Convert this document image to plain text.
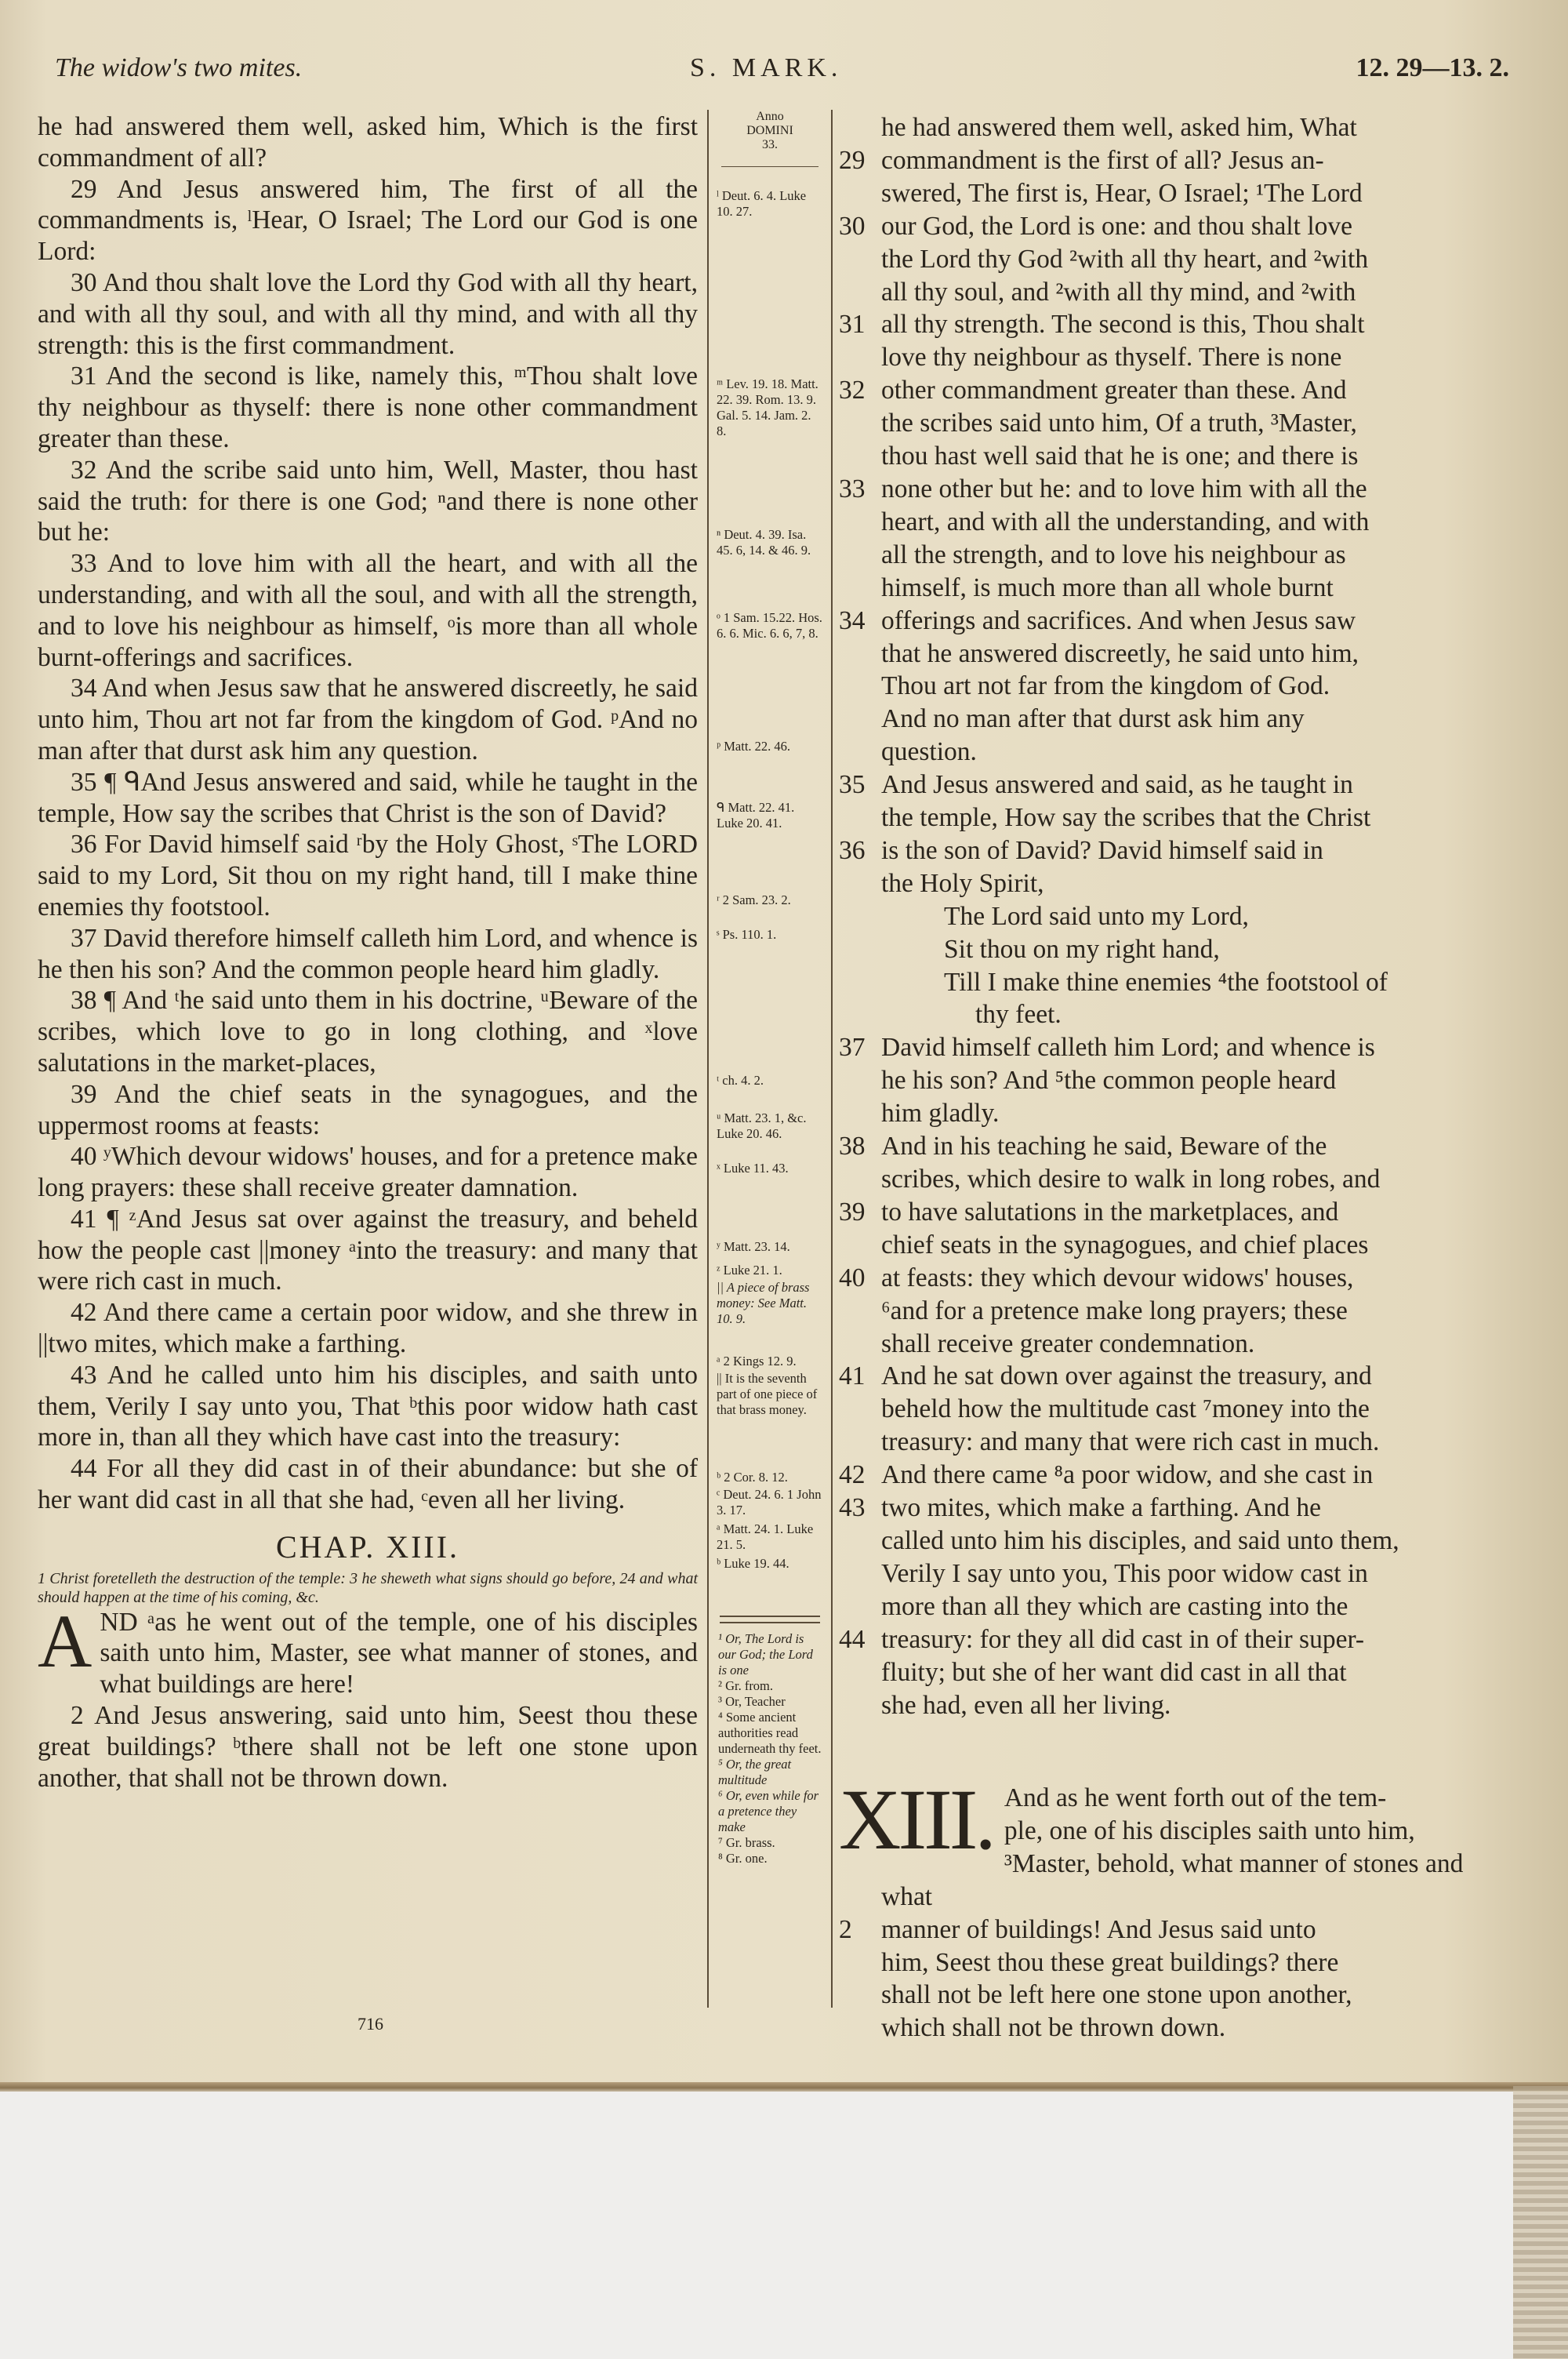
The widow's two mites.	S. MARK.	12. 29—13. 2.

he had answered them well, asked him, Which is the first commandment of all?

29 And Jesus answered him, The first of all the commandments is, ˡHear, O Israel; The Lord our God is one Lord:

30 And thou shalt love the Lord thy God with all thy heart, and with all thy soul, and with all thy mind, and with all thy strength: this is the first commandment.

31 And the second is like, namely this, ᵐThou shalt love thy neighbour as thyself: there is none other commandment greater than these.

32 And the scribe said unto him, Well, Master, thou hast said the truth: for there is one God; ⁿand there is none other but he:

33 And to love him with all the heart, and with all the understanding, and with all the soul, and with all the strength, and to love his neighbour as himself, ᵒis more than all whole burnt-offerings and sacrifices.

34 And when Jesus saw that he answered discreetly, he said unto him, Thou art not far from the kingdom of God. ᵖAnd no man after that durst ask him any question.

35 ¶ ᑫAnd Jesus answered and said, while he taught in the temple, How say the scribes that Christ is the son of David?

36 For David himself said ʳby the Holy Ghost, ˢThe LORD said to my Lord, Sit thou on my right hand, till I make thine enemies thy footstool.

37 David therefore himself calleth him Lord, and whence is he then his son? And the common people heard him gladly.

38 ¶ And ᵗhe said unto them in his doctrine, ᵘBeware of the scribes, which love to go in long clothing, and ˣlove salutations in the market-places,

39 And the chief seats in the synagogues, and the uppermost rooms at feasts:

40 ʸWhich devour widows' houses, and for a pretence make long prayers: these shall receive greater damnation.

41 ¶ ᶻAnd Jesus sat over against the treasury, and beheld how the people cast ||money ᵃinto the treasury: and many that were rich cast in much.

42 And there came a certain poor widow, and she threw in ||two mites, which make a farthing.

43 And he called unto him his disciples, and saith unto them, Verily I say unto you, That ᵇthis poor widow hath cast more in, than all they which have cast into the treasury:

44 For all they did cast in of their abundance: but she of her want did cast in all that she had, ᶜeven all her living.

CHAP. XIII.

1 Christ foretelleth the destruction of the temple: 3 he sheweth what signs should go before, 24 and what should happen at the time of his coming, &c.

AND ᵃas he went out of the temple, one of his disciples saith unto him, Master, see what manner of stones, and what buildings are here!

2 And Jesus answering, said unto him, Seest thou these great buildings? ᵇthere shall not be left one stone upon another, that shall not be thrown down.

716
Anno
DOMINI
33.
ˡ Deut. 6. 4. Luke 10. 27.
ᵐ Lev. 19. 18. Matt. 22. 39. Rom. 13. 9. Gal. 5. 14. Jam. 2. 8.
ⁿ Deut. 4. 39. Isa. 45. 6, 14. & 46. 9.
ᵒ 1 Sam. 15.22. Hos. 6. 6. Mic. 6. 6, 7, 8.
ᵖ Matt. 22. 46.
ᑫ Matt. 22. 41. Luke 20. 41.
ʳ 2 Sam. 23. 2.
ˢ Ps. 110. 1.
ᵗ ch. 4. 2.
ᵘ Matt. 23. 1, &c. Luke 20. 46.
ˣ Luke 11. 43.
ʸ Matt. 23. 14.
ᶻ Luke 21. 1.
|| A piece of brass money: See Matt. 10. 9.
ᵃ 2 Kings 12. 9.
|| It is the seventh part of one piece of that brass money.
ᵇ 2 Cor. 8. 12.
ᶜ Deut. 24. 6. 1 John 3. 17.
ᵃ Matt. 24. 1. Luke 21. 5.
ᵇ Luke 19. 44.
¹ Or, The Lord is our God; the Lord is one
² Gr. from.
³ Or, Teacher
⁴ Some ancient authorities read underneath thy feet.
⁵ Or, the great multitude
⁶ Or, even while for a pretence they make
⁷ Gr. brass.
⁸ Gr. one.
he had answered them well, asked him, What
29 commandment is the first of all? Jesus an-
swered, The first is, Hear, O Israel; ¹The Lord
30 our God, the Lord is one: and thou shalt love
the Lord thy God ²with all thy heart, and ²with
all thy soul, and ²with all thy mind, and ²with
31 all thy strength. The second is this, Thou shalt
love thy neighbour as thyself. There is none
32 other commandment greater than these. And
the scribes said unto him, Of a truth, ³Master,
thou hast well said that he is one; and there is
33 none other but he: and to love him with all the
heart, and with all the understanding, and with
all the strength, and to love his neighbour as
himself, is much more than all whole burnt
34 offerings and sacrifices. And when Jesus saw
that he answered discreetly, he said unto him,
Thou art not far from the kingdom of God.
And no man after that durst ask him any
question.
35 And Jesus answered and said, as he taught in
the temple, How say the scribes that the Christ
36 is the son of David? David himself said in
the Holy Spirit,
The Lord said unto my Lord,
Sit thou on my right hand,
Till I make thine enemies ⁴the footstool of
thy feet.
37 David himself calleth him Lord; and whence is
he his son? And ⁵the common people heard
him gladly.
38 And in his teaching he said, Beware of the
scribes, which desire to walk in long robes, and
39 to have salutations in the marketplaces, and
chief seats in the synagogues, and chief places
40 at feasts: they which devour widows' houses,
⁶and for a pretence make long prayers; these
shall receive greater condemnation.
41 And he sat down over against the treasury, and
beheld how the multitude cast ⁷money into the
treasury: and many that were rich cast in much.
42 And there came ⁸a poor widow, and she cast in
43 two mites, which make a farthing. And he
called unto him his disciples, and said unto them,
Verily I say unto you, This poor widow cast in
more than all they which are casting into the
44 treasury: for they all did cast in of their super-
fluity; but she of her want did cast in all that
she had, even all her living.
XIII. And as he went forth out of the tem-
ple, one of his disciples saith unto him,
³Master, behold, what manner of stones and what
2 manner of buildings! And Jesus said unto
him, Seest thou these great buildings? there
shall not be left here one stone upon another,
which shall not be thrown down.
